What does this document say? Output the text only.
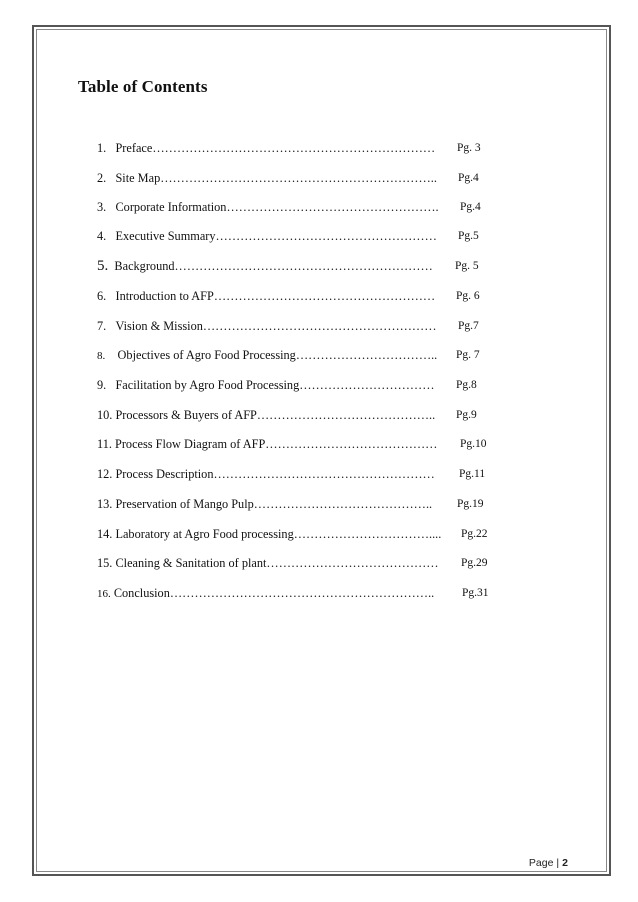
Table of Contents
1. Preface…………………………………………………………… Pg. 3
2. Site Map………………………………………………………….. Pg.4
3. Corporate Information……………………………………………. Pg.4
4. Executive Summary……………………………………………… Pg.5
5. Background……………………………………………………… Pg. 5
6. Introduction to AFP……………………………………………… Pg. 6
7. Vision & Mission………………………………………………… Pg.7
8. Objectives of Agro Food Processing…………………………….. Pg. 7
9. Facilitation by Agro Food Processing…………………………… Pg.8
10. Processors & Buyers of AFP…………………………………….. Pg.9
11. Process Flow Diagram of AFP…………………………………… Pg.10
12. Process Description……………………………………………… Pg.11
13. Preservation of Mango Pulp…………………………………….. Pg.19
14. Laboratory at Agro Food processing…………………………….... Pg.22
15. Cleaning & Sanitation of plant…………………………………… Pg.29
16. Conclusion……………………………………………………….. Pg.31
Page | 2
